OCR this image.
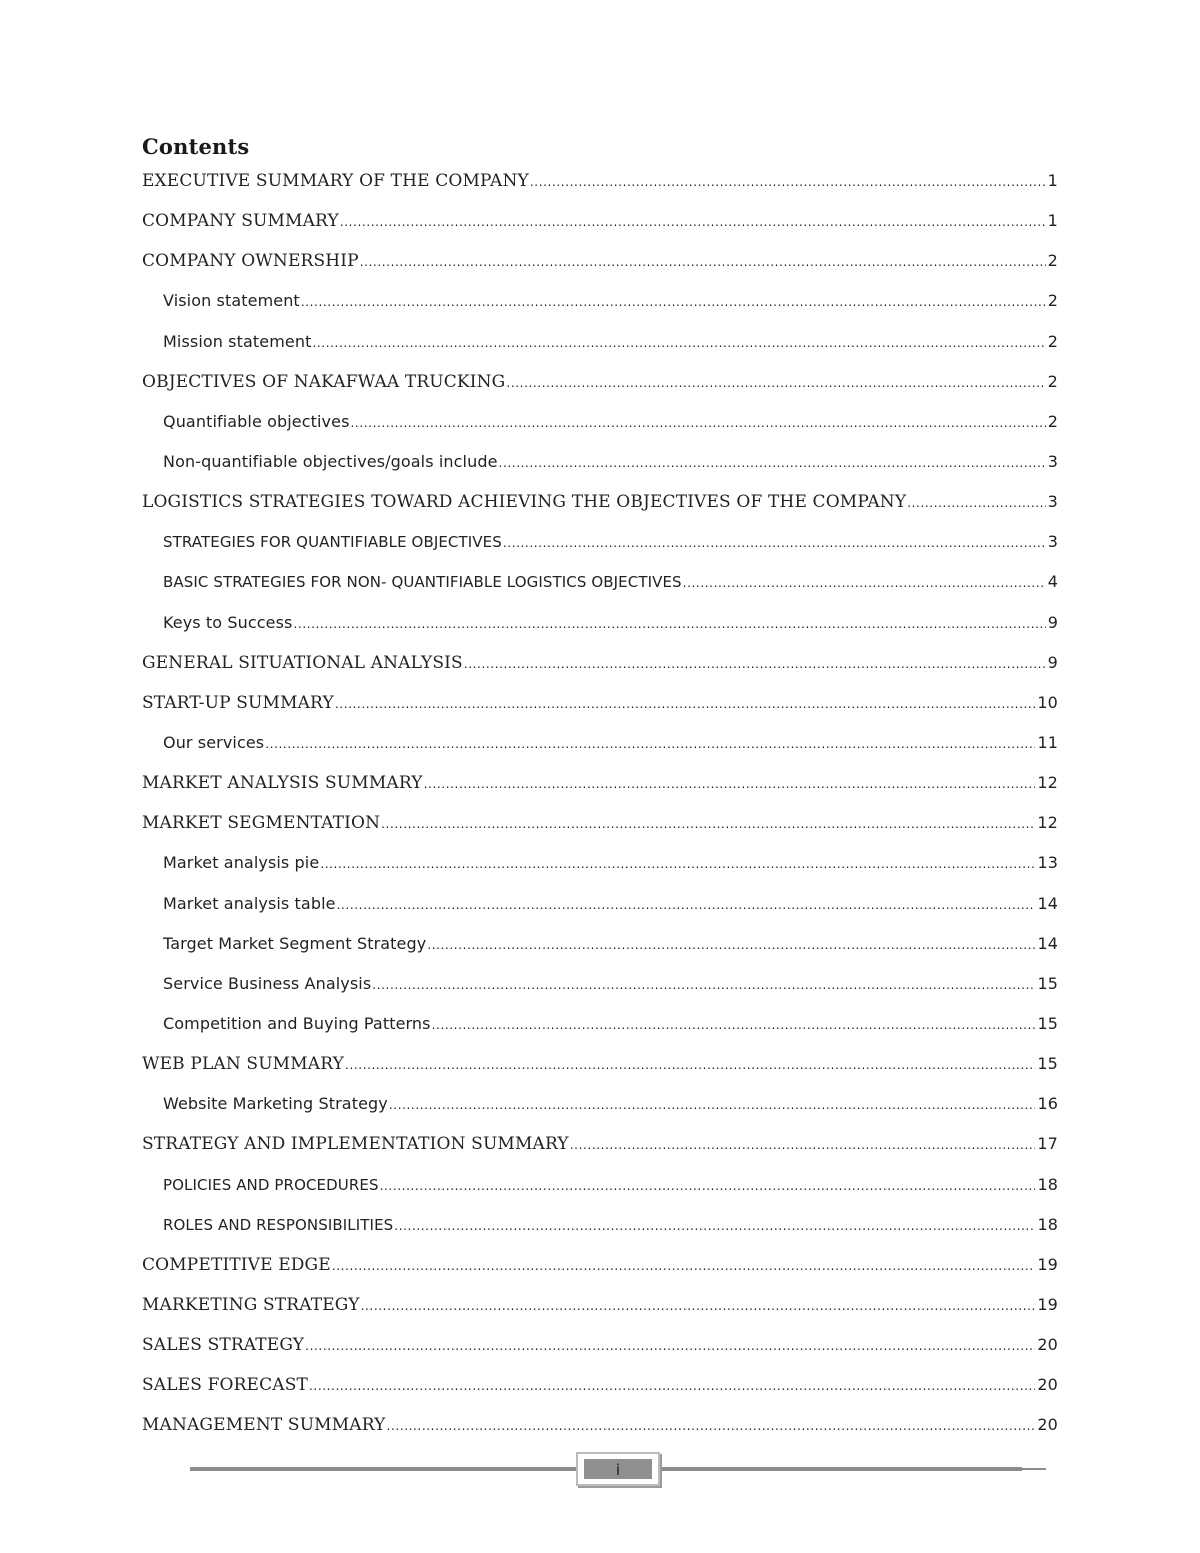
Contents
EXECUTIVE SUMMARY OF THE COMPANY .....	1
COMPANY SUMMARY .....	1
COMPANY OWNERSHIP .....	2
Vision statement .....	2
Mission statement .....	2
OBJECTIVES OF NAKAFWAA TRUCKING .....	2
Quantifiable objectives .....	2
Non-quantifiable objectives/goals include .....	3
LOGISTICS STRATEGIES TOWARD ACHIEVING THE OBJECTIVES OF THE COMPANY .....	3
STRATEGIES FOR QUANTIFIABLE OBJECTIVES .....	3
BASIC STRATEGIES FOR NON- QUANTIFIABLE LOGISTICS OBJECTIVES .....	4
Keys to Success .....	9
GENERAL SITUATIONAL ANALYSIS .....	9
START-UP SUMMARY .....	10
Our services .....	11
MARKET ANALYSIS SUMMARY .....	12
MARKET SEGMENTATION .....	12
Market analysis pie .....	13
Market analysis table .....	14
Target Market Segment Strategy .....	14
Service Business Analysis .....	15
Competition and Buying Patterns .....	15
WEB PLAN SUMMARY .....	15
Website Marketing Strategy .....	16
STRATEGY AND IMPLEMENTATION SUMMARY .....	17
POLICIES AND PROCEDURES .....	18
ROLES AND RESPONSIBILITIES .....	18
COMPETITIVE EDGE .....	19
MARKETING STRATEGY .....	19
SALES STRATEGY .....	20
SALES FORECAST .....	20
MANAGEMENT SUMMARY .....	20
i
